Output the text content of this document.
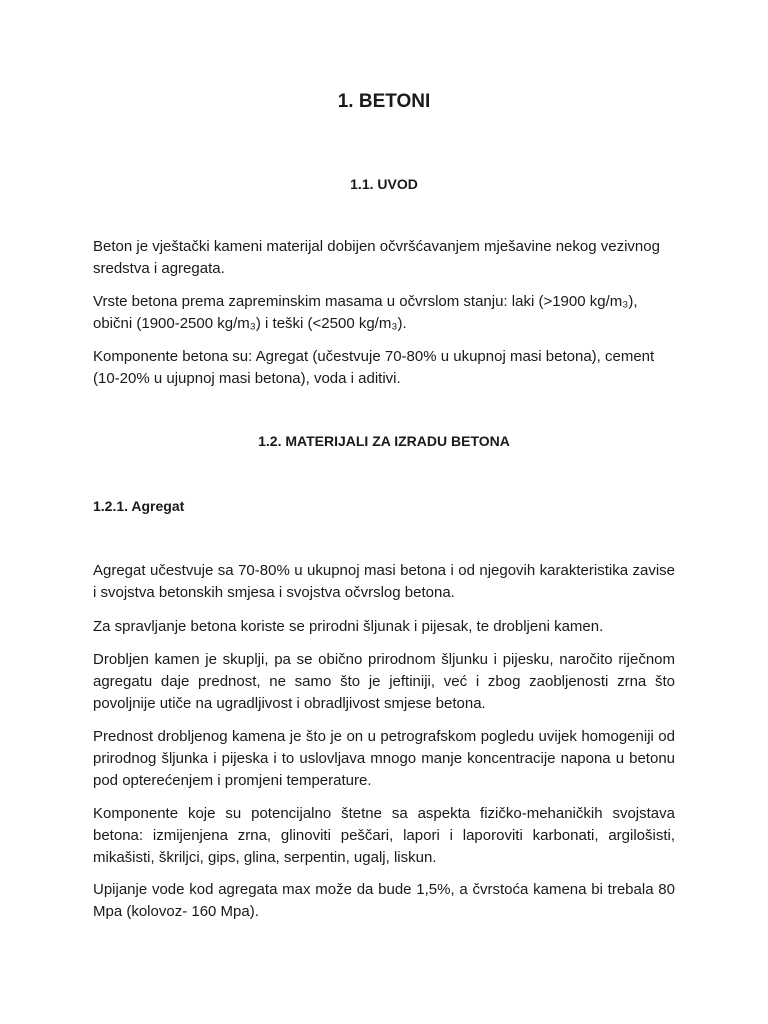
1. BETONI
1.1. UVOD

Beton je vještački kameni materijal dobijen očvršćavanjem mješavine nekog vezivnog sredstva i agregata.

Vrste betona prema zapreminskim masama u očvrslom stanju: laki (>1900 kg/m₃), obični (1900-2500 kg/m₃) i teški (<2500 kg/m₃).

Komponente betona su: Agregat (učestvuje 70-80% u ukupnoj masi betona), cement (10-20% u ujupnoj masi betona), voda i aditivi.

1.2. MATERIJALI ZA IZRADU BETONA
1.2.1. Agregat

Agregat učestvuje sa 70-80% u ukupnoj masi betona i od njegovih karakteristika zavise i svojstva betonskih smjesa i svojstva očvrslog betona.

Za spravljanje betona koriste se prirodni šljunak i pijesak, te drobljeni kamen.

Drobljen kamen je skuplji, pa se obično prirodnom šljunku i pijesku, naročito riječnom agregatu daje prednost, ne samo što je jeftiniji, već i zbog zaobljenosti zrna što povoljnije utiče na ugradljivost i obradljivost smjese betona.

Prednost drobljenog kamena je što je on u petrografskom pogledu uvijek homogeniji od prirodnog šljunka i pijeska i to uslovljava mnogo manje koncentracije napona u betonu pod opterećenjem i promjeni temperature.

Komponente koje su potencijalno štetne sa aspekta fizičko-mehaničkih svojstava betona: izmijenjena zrna, glinoviti peščari, lapori i laporoviti karbonati, argilošisti, mikašisti, škriljci, gips, glina, serpentin, ugalj, liskun.

Upijanje vode kod agregata max može da bude 1,5%, a čvrstoća kamena bi trebala 80 Mpa (kolovoz- 160 Mpa).
